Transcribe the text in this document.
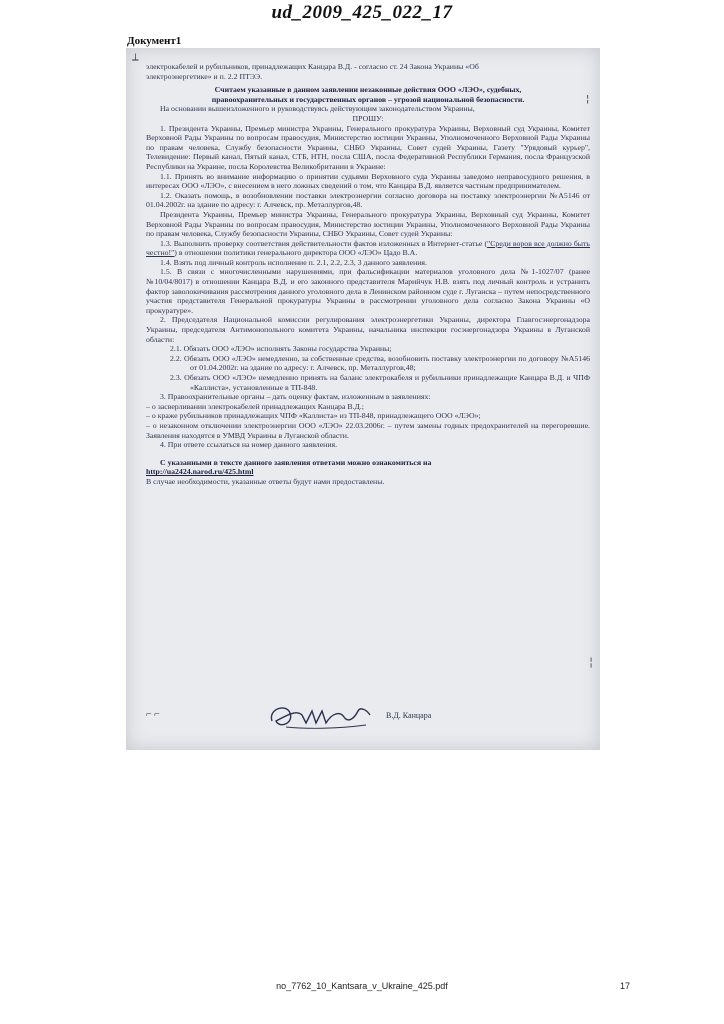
ud_2009_425_022_17
Документ1
⟂
¦
╎

электрокабелей и рубильников, принадлежащих Канцара В.Д. - согласно ст. 24 Закона Украины «Об

электроэнергетике» и п. 2.2 ПТЭЭ.

Считаем указанные в данном заявлении незаконные действия ООО «ЛЭО», судебных,

правоохранительных и государственных органов – угрозой национальной безопасности.

На основании вышеизложенного и руководствуясь действующим законодательством Украины,

ПРОШУ:

1. Президента Украины, Премьер министра Украины, Генерального прокуратура Украины, Верховный суд Украины, Комитет Верховной Рады Украины по вопросам правосудия, Министерство юстиции Украины, Уполномоченного Верховной Рады Украины по правам человека, Службу безопасности Украины, СНБО Украины, Совет судей Украины, Газету "Урядовый курьер", Телевидение: Первый канал, Пятый канал, СТБ, НТН, посла США, посла Федеративной Республики Германия, посла Французской Республики на Украине, посла Королевства Великобритании в Украине:

1.1. Принять во внимание информацию о принятии судьями Верховного суда Украины заведомо неправосудного решения, в интересах ООО «ЛЭО», с внесением в него ложных сведений о том, что Канцара В.Д. является частным предпринимателем.

1.2. Оказать помощь, в возобновлении поставки электроэнергии согласно договора на поставку электроэнергии №А5146 от 01.04.2002г. на здание по адресу: г. Алчевск, пр. Металлургов,48.

Президента Украины, Премьер министра Украины, Генерального прокуратура Украины, Верховный суд Украины, Комитет Верховной Рады Украины по вопросам правосудия, Министерство юстиции Украины, Уполномоченного Верховной Рады Украины по правам человека, Службу безопасности Украины, СНБО Украины, Совет судей Украины:

1.3. Выполнить проверку соответствия действительности фактов изложенных в Интернет-статье ("Среди воров все должно быть честно!") в отношении политики генерального директора ООО «ЛЭО» Цадо В.А.

1.4. Взять под личный контроль исполнение п. 2.1, 2.2, 2.3, 3 данного заявления.

1.5. В связи с многочисленными нарушениями, при фальсификации материалов уголовного дела №1-1027/07 (ранее №10/04/8017) в отношении Канцара В.Д. и его законного представителя Марийчук Н.В. взять под личный контроль и устранить фактор заволокичивания рассмотрения данного уголовного дела в Ленинском районном суде г. Луганска – путем непосредственного участия представителя Генеральной прокуратуры Украины в рассмотрении уголовного дела согласно Закона Украины «О прокуратуре».

2. Председателя Национальной комиссии регулирования электроэнергетики Украины, директора Главгосэнергонадзора Украины, председателя Антимонопольного комитета Украины, начальника инспекции госэнергонадзора Украины в Луганской области:

2.1. Обязать ООО «ЛЭО» исполнять Законы государства Украины;

2.2. Обязать ООО «ЛЭО» немедленно, за собственные средства, возобновить поставку электроэнергии по договору №А5146 от 01.04.2002г. на здание по адресу: г. Алчевск, пр. Металлургов,48;

2.3. Обязать ООО «ЛЭО» немедленно принять на баланс электрокабеля и рубильники принадлежащие Канцара В.Д. и ЧПФ «Каллиста», установленные в ТП-848.

3. Правоохранительные органы – дать оценку фактам, изложенным в заявлениях:

– о засверливании электрокабелей принадлежащих Канцара В.Д.;

– о краже рубильников принадлежащих ЧПФ «Каллиста» из ТП-848, принадлежащего ООО «ЛЭО»;

– о незаконном отключении электроэнергии ООО «ЛЭО» 22.03.2006г. – путем замены годных предохранителей на перегоревшие. Заявления находятся в УМВД Украины в Луганской области.

4. При ответе ссылаться на номер данного заявления.

С указанными в тексте данного заявления ответами можно ознакомиться на

http://ua2424.narod.ru/425.html

В случае необходимости, указанные ответы будут нами предоставлены.

⌐ ⌐	В.Д. Канцара
no_7762_10_Kantsara_v_Ukraine_425.pdf	17
